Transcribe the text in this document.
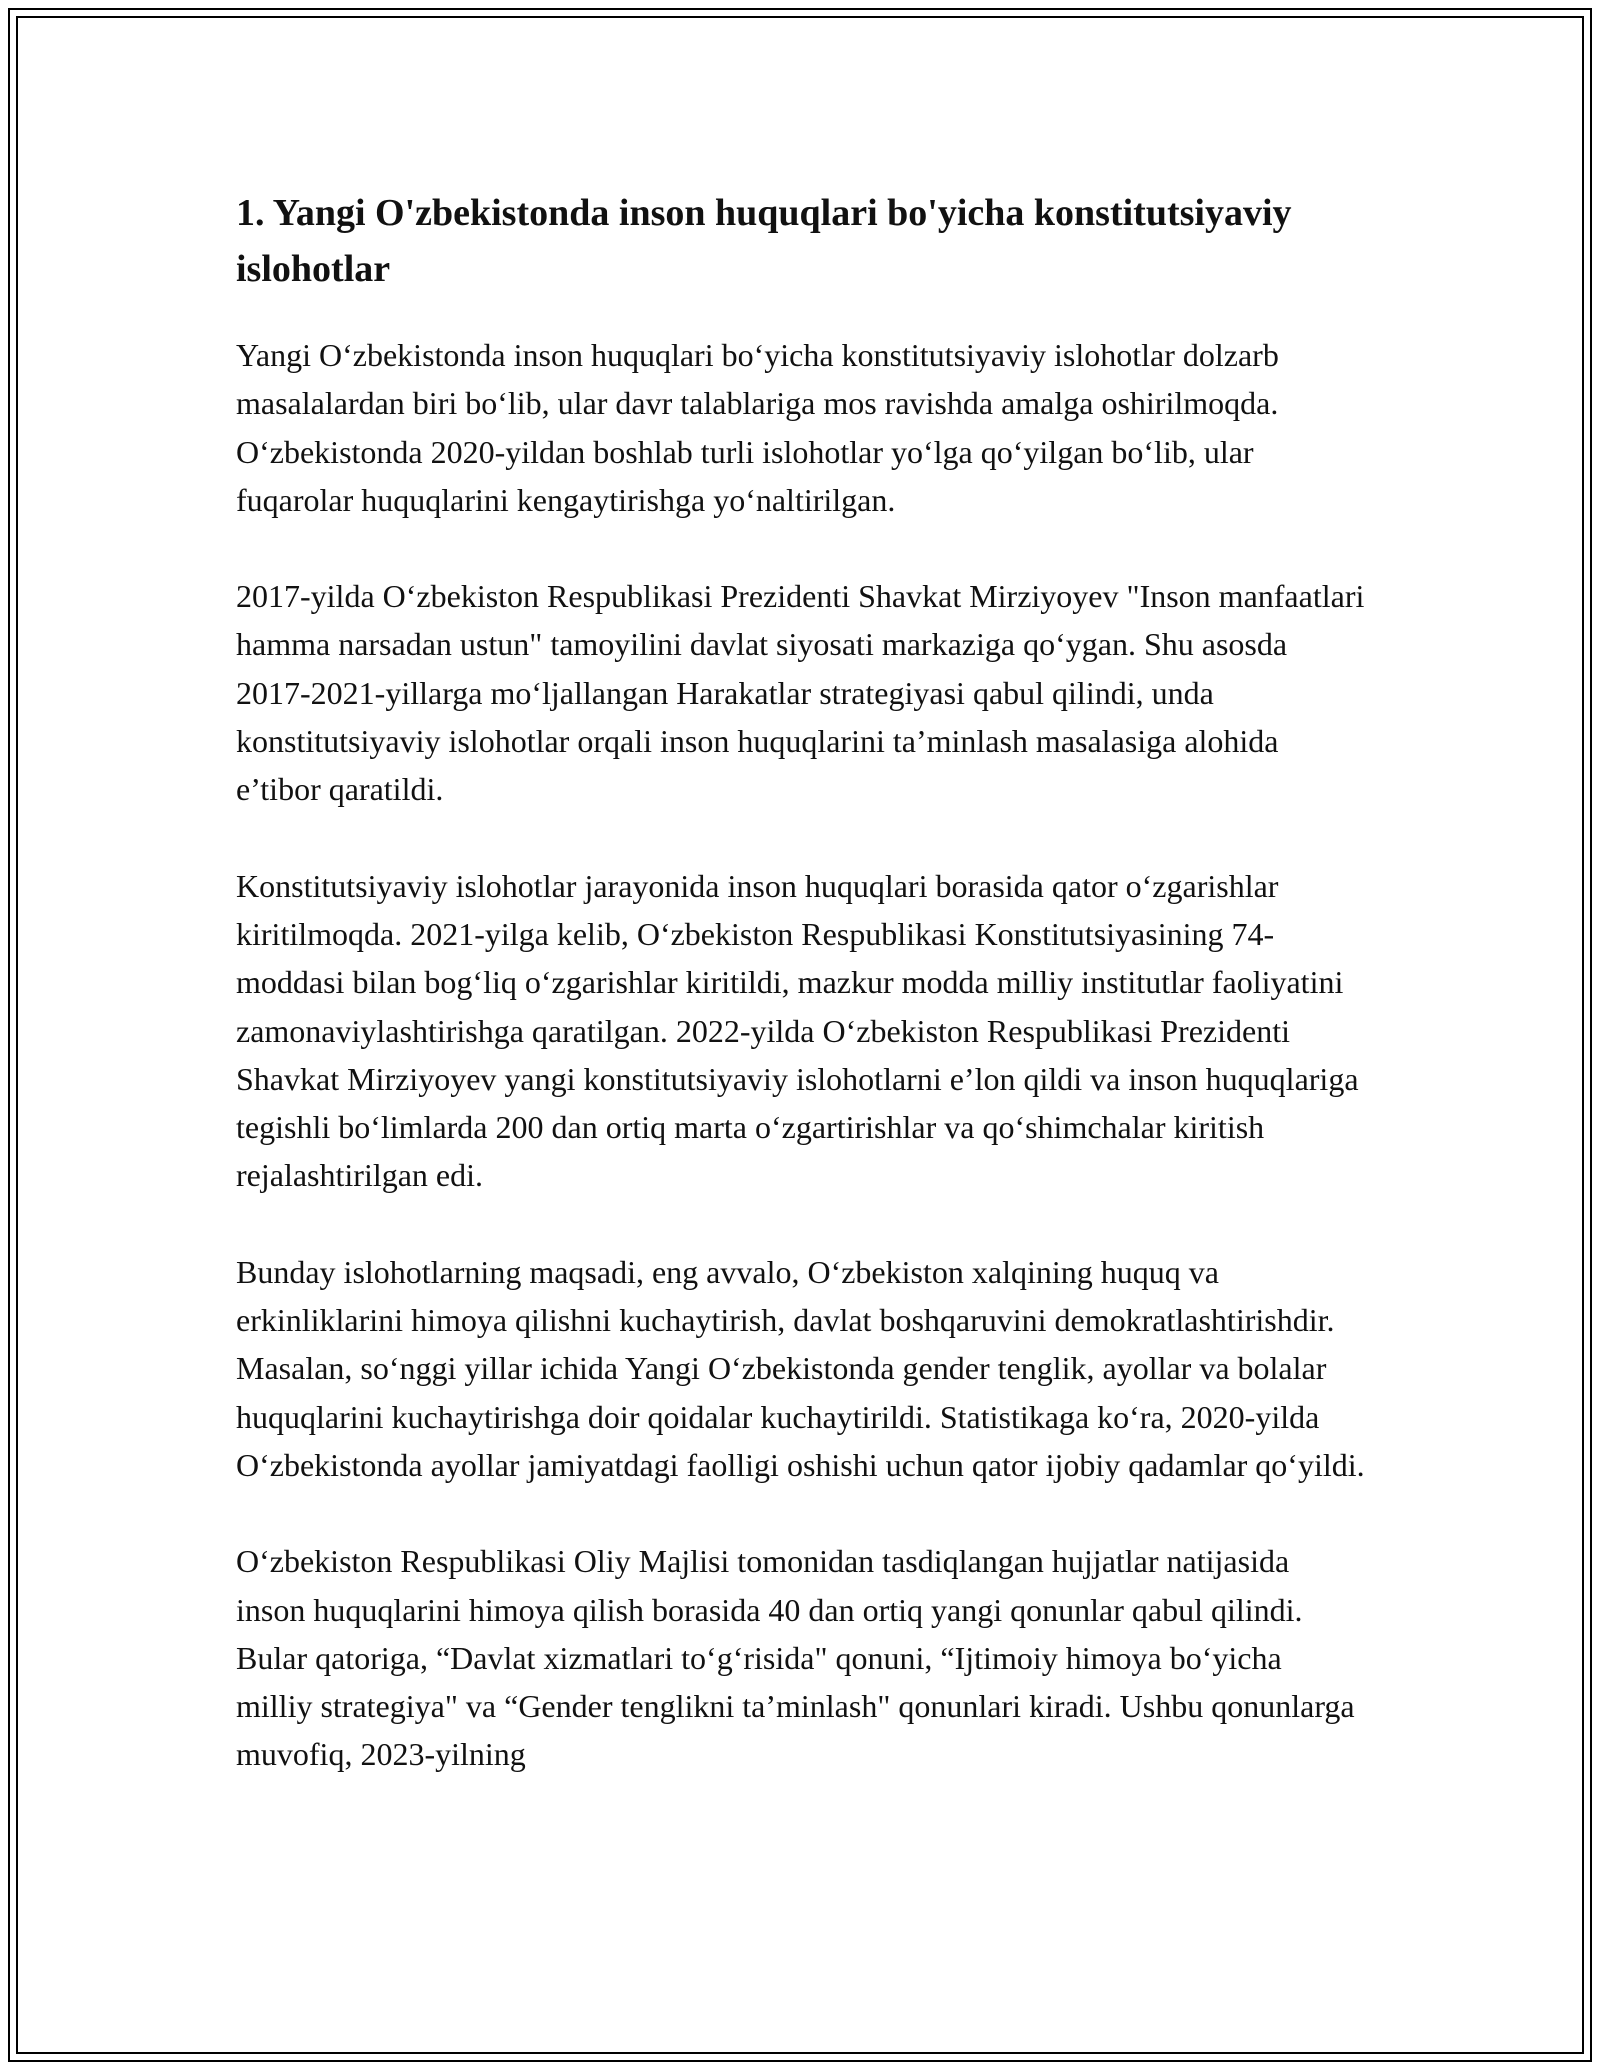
1. Yangi O'zbekistonda inson huquqlari bo'yicha konstitutsiyaviy islohotlar

Yangi O‘zbekistonda inson huquqlari bo‘yicha konstitutsiyaviy islohotlar dolzarb masalalardan biri bo‘lib, ular davr talablariga mos ravishda amalga oshirilmoqda. O‘zbekistonda 2020-yildan boshlab turli islohotlar yo‘lga qo‘yilgan bo‘lib, ular fuqarolar huquqlarini kengaytirishga yo‘naltirilgan.

2017-yilda O‘zbekiston Respublikasi Prezidenti Shavkat Mirziyoyev "Inson manfaatlari hamma narsadan ustun" tamoyilini davlat siyosati markaziga qo‘ygan. Shu asosda 2017-2021-yillarga mo‘ljallangan Harakatlar strategiyasi qabul qilindi, unda konstitutsiyaviy islohotlar orqali inson huquqlarini ta’minlash masalasiga alohida e’tibor qaratildi.

Konstitutsiyaviy islohotlar jarayonida inson huquqlari borasida qator o‘zgarishlar kiritilmoqda. 2021-yilga kelib, O‘zbekiston Respublikasi Konstitutsiyasining 74-moddasi bilan bog‘liq o‘zgarishlar kiritildi, mazkur modda milliy institutlar faoliyatini zamonaviylashtirishga qaratilgan. 2022-yilda O‘zbekiston Respublikasi Prezidenti Shavkat Mirziyoyev yangi konstitutsiyaviy islohotlarni e’lon qildi va inson huquqlariga tegishli bo‘limlarda 200 dan ortiq marta o‘zgartirishlar va qo‘shimchalar kiritish rejalashtirilgan edi.

Bunday islohotlarning maqsadi, eng avvalo, O‘zbekiston xalqining huquq va erkinliklarini himoya qilishni kuchaytirish, davlat boshqaruvini demokratlashtirishdir. Masalan, so‘nggi yillar ichida Yangi O‘zbekistonda gender tenglik, ayollar va bolalar huquqlarini kuchaytirishga doir qoidalar kuchaytirildi. Statistikaga ko‘ra, 2020-yilda O‘zbekistonda ayollar jamiyatdagi faolligi oshishi uchun qator ijobiy qadamlar qo‘yildi.

O‘zbekiston Respublikasi Oliy Majlisi tomonidan tasdiqlangan hujjatlar natijasida inson huquqlarini himoya qilish borasida 40 dan ortiq yangi qonunlar qabul qilindi. Bular qatoriga, “Davlat xizmatlari to‘g‘risida" qonuni, “Ijtimoiy himoya bo‘yicha milliy strategiya" va “Gender tenglikni ta’minlash" qonunlari kiradi. Ushbu qonunlarga muvofiq, 2023-yilning
